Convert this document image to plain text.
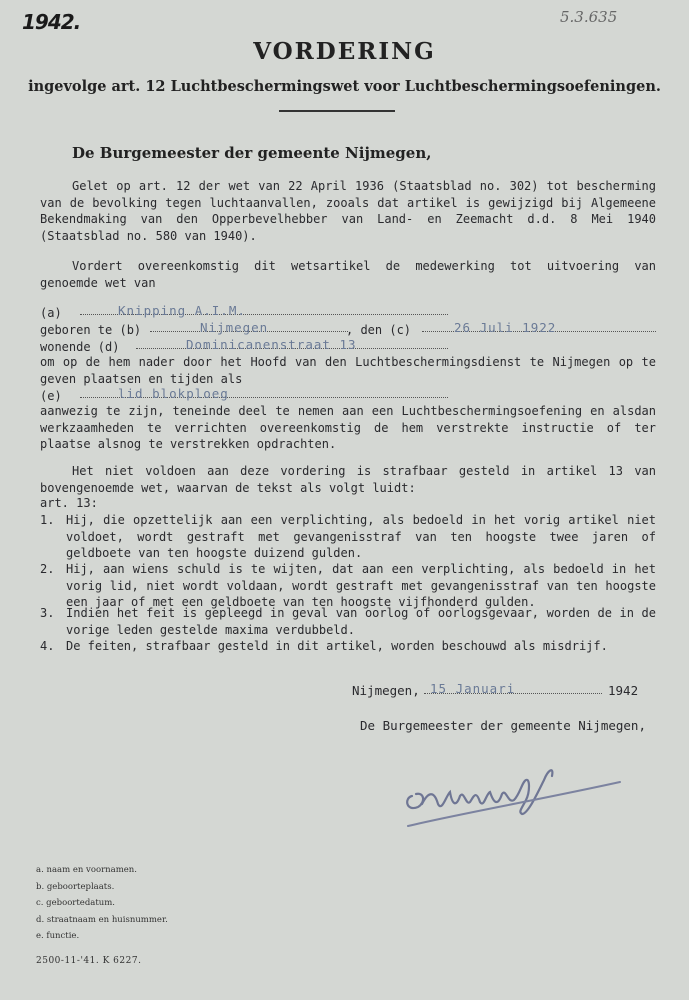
1942.	5.3.635
VORDERING
ingevolge art. 12 Luchtbeschermingswet voor Luchtbeschermingsoefeningen.
De Burgemeester der gemeente Nijmegen,

Gelet op art. 12 der wet van 22 April 1936 (Staatsblad no. 302) tot bescherming van de bevolking tegen luchtaanvallen, zooals dat artikel is gewijzigd bij Algemeene Bekendmaking van den Opperbevelhebber van Land- en Zeemacht d.d. 8 Mei 1940 (Staatsblad no. 580 van 1940).

Vordert overeenkomstig dit wetsartikel de medewerking tot uitvoering van genoemde wet van

(a)	Knipping A.I.M.
geboren te (b)	Nijmegen	, den (c)	26 Juli 1922
wonende (d)	Dominicanenstraat 13

om op de hem nader door het Hoofd van den Luchtbeschermingsdienst te Nijmegen op te geven plaatsen en tijden als

(e)	lid blokploeg

aanwezig te zijn, teneinde deel te nemen aan een Luchtbeschermingsoefening en alsdan werkzaamheden te verrichten overeenkomstig de hem verstrekte instructie of ter plaatse alsnog te verstrekken opdrachten.

Het niet voldoen aan deze vordering is strafbaar gesteld in artikel 13 van bovengenoemde wet, waarvan de tekst als volgt luidt:

art. 13:
1. Hij, die opzettelijk aan een verplichting, als bedoeld in het vorig artikel niet voldoet, wordt gestraft met gevangenisstraf van ten hoogste twee jaren of geldboete van ten hoogste duizend gulden.

2. Hij, aan wiens schuld is te wijten, dat aan een verplichting, als bedoeld in het vorig lid, niet wordt voldaan, wordt gestraft met gevangenisstraf van ten hoogste een jaar of met een geldboete van ten hoogste vijfhonderd gulden.

3. Indien het feit is gepleegd in geval van oorlog of oorlogsgevaar, worden de in de vorige leden gestelde maxima verdubbeld.

4. De feiten, strafbaar gesteld in dit artikel, worden beschouwd als misdrijf.

Nijmegen, 15 Januari	1942
De Burgemeester der gemeente Nijmegen,
a. naam en voornamen.
b. geboorteplaats.
c. geboortedatum.
d. straatnaam en huisnummer.
e. functie.
2500-11-'41. K 6227.
